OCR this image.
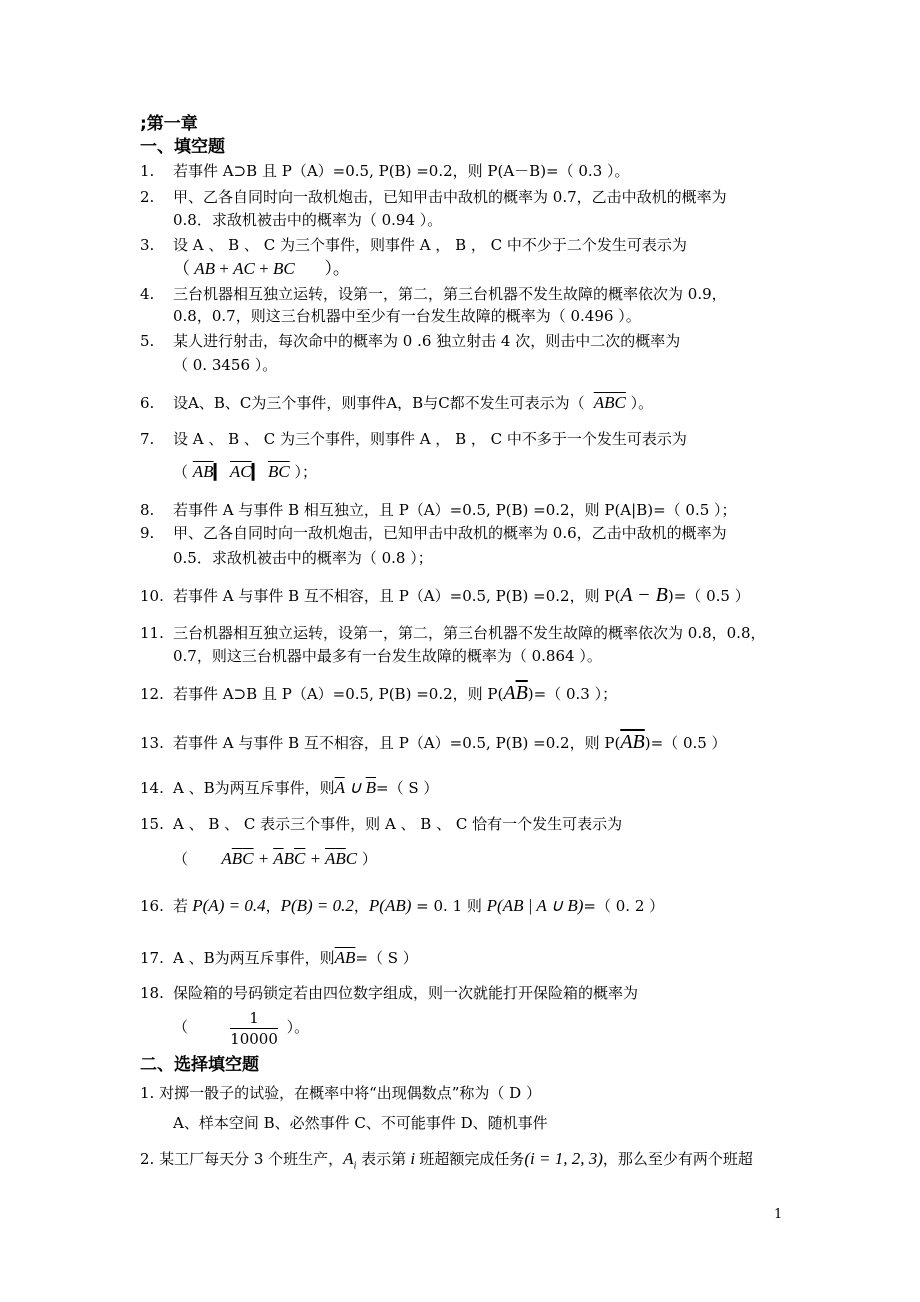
;第一章
一、填空题
1. 若事件 A⊃B 且 P（A）=0.5, P(B) =0.2，则 P(A－B)=（ 0.3 ）。
2. 甲、乙各自同时向一敌机炮击，已知甲击中敌机的概率为 0.7，乙击中敌机的概率为
0.8．求敌机被击中的概率为（ 0.94 ）。
3. 设 A 、 B 、 C 为三个事件，则事件 A ， B ， C 中不少于二个发生可表示为
（ AB + AC + BC       ）。
4. 三台机器相互独立运转，设第一，第二，第三台机器不发生故障的概率依次为 0.9，
0.8，0.7，则这三台机器中至少有一台发生故障的概率为（ 0.496 ）。
5. 某人进行射击，每次命中的概率为 0 .6 独立射击 4 次，则击中二次的概率为
（ 0. 3456 ）。
6. 设A、B、C为三个事件，则事件A，B与C都不发生可表示为（ $\overline{A}\overline{B}\overline{C}$ ）。
7. 设 A 、 B 、 C 为三个事件，则事件 A ， B ， C 中不多于一个发生可表示为
（ $\overline{AB}▎$ $\overline{AC}▎$ $\overline{BC}$ ）；
8. 若事件 A 与事件 B 相互独立，且 P（A）=0.5, P(B) =0.2，则 P(A|B)=（ 0.5 ）；
9. 甲、乙各自同时向一敌机炮击，已知甲击中敌机的概率为 0.6，乙击中敌机的概率为
0.5．求敌机被击中的概率为（ 0.8 ）；
10. 若事件 A 与事件 B 互不相容，且 P（A）=0.5, P(B) =0.2，则 P(A − B)=（ 0.5 ）
11. 三台机器相互独立运转，设第一，第二，第三台机器不发生故障的概率依次为 0.8，0.8，
0.7，则这三台机器中最多有一台发生故障的概率为（ 0.864 ）。
12. 若事件 A⊃B 且 P（A）=0.5, P(B) =0.2，则 $P(A\overline{B})=$（ 0.3 ）；
13. 若事件 A 与事件 B 互不相容，且 P（A）=0.5, P(B) =0.2，则 $P(\overline{AB})=$（ 0.5 ）
14. A 、B为两互斥事件，则$\overline{A}$ ∪ $\overline{B}=$（ S ）
15. A 、 B 、 C 表示三个事件，则 A 、 B 、 C 恰有一个发生可表示为
（ $A\overline{B}\overline{C} + \overline{A}B\overline{C} + \overline{A}\overline{B}C$ ）
16. 若 P(A) = 0.4，P(B) = 0.2，P(AB) = 0. 1 则 P(AB | A ∪ B)=（ 0. 2 ）
17. A 、B为两互斥事件，则$\overline{AB}=$（ S ）
18. 保险箱的号码锁定若由四位数字组成，则一次就能打开保险箱的概率为
（	$\frac{1}{10000}$ ）。
二、选择填空题
1. 对掷一骰子的试验，在概率中将“出现偶数点”称为（ D ）
A、样本空间 B、必然事件 C、不可能事件 D、随机事件
2. 某工厂每天分 3 个班生产，$A_i$ 表示第 i 班超额完成任务(i = 1, 2, 3)，那么至少有两个班超
1
